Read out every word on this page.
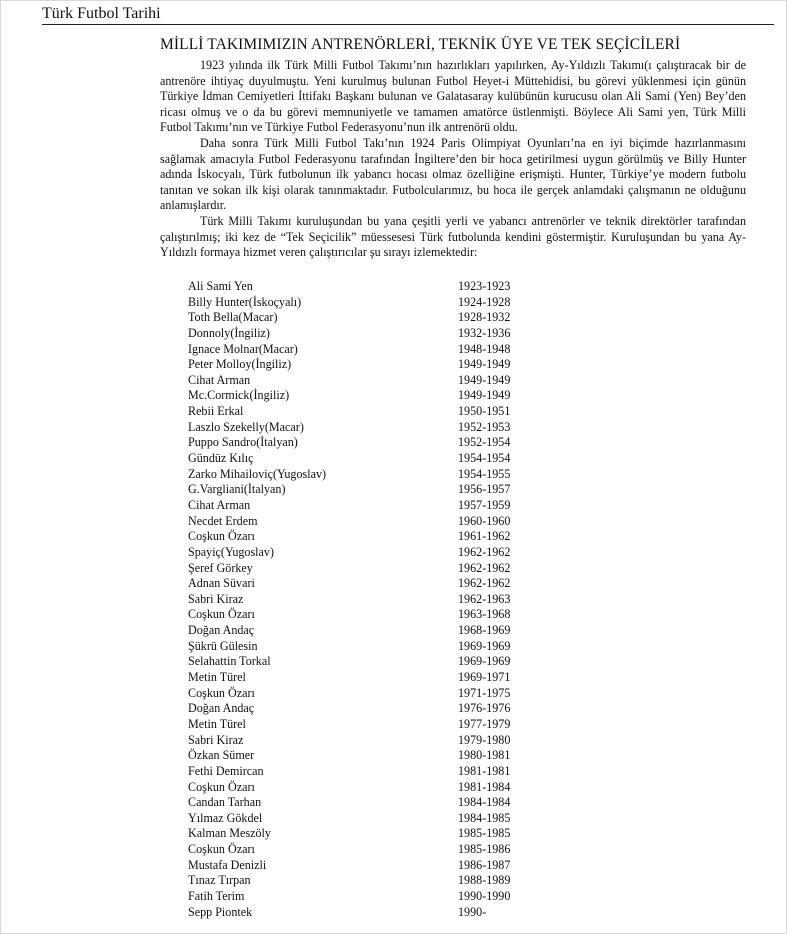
Türk Futbol Tarihi
MİLLİ TAKIMIMIZIN ANTRENÖRLERİ, TEKNİK ÜYE VE TEK SEÇİCİLERİ

1923 yılında ilk Türk Milli Futbol Takımı’nın hazırlıkları yapılırken, Ay-Yıldızlı Takımı(ı çalıştıracak bir de antrenöre ihtiyaç duyulmuştu. Yeni kurulmuş bulunan Futbol Heyet-i Müttehidisi, bu görevi yüklenmesi için günün Türkiye İdman Cemiyetleri İttifakı Başkanı bulunan ve Galatasaray kulübünün kurucusu olan Ali Sami (Yen) Bey’den ricası olmuş ve o da bu görevi memnuniyetle ve tamamen amatörce üstlenmişti. Böylece Ali Sami yen, Türk Milli Futbol Takımı’nın ve Türkiye Futbol Federasyonu’nun ilk antrenörü oldu.

Daha sonra Türk Milli Futbol Takı’nın 1924 Paris Olimpiyat Oyunları’na en iyi biçimde hazırlanmasını sağlamak amacıyla Futbol Federasyonu tarafından İngiltere’den bir hoca getirilmesi uygun görülmüş ve Billy Hunter adında İskocyalı, Türk futbolunun ilk yabancı hocası olmaz özelliğine erişmişti. Hunter, Türkiye’ye modern futbolu tanıtan ve sokan ilk kişi olarak tanınmaktadır. Futbolcularımız, bu hoca ile gerçek anlamdaki çalışmanın ne olduğunu anlamışlardır.

Türk Milli Takımı kuruluşundan bu yana çeşitli yerli ve yabancı antrenörler ve teknik direktörler tarafından çalıştırılmış; iki kez de “Tek Seçicilik” müessesesi Türk futbolunda kendini göstermiştir. Kuruluşundan bu yana Ay-Yıldızlı formaya hizmet veren çalıştırıcılar şu sırayı izlemektedir:

Ali Sami Yen	1923-1923
Billy Hunter(İskoçyalı)	1924-1928
Toth Bella(Macar)	1928-1932
Donnoly(İngiliz)	1932-1936
Ignace Molnar(Macar)	1948-1948
Peter Molloy(İngiliz)	1949-1949
Cihat Arman	1949-1949
Mc.Cormick(İngiliz)	1949-1949
Rebii Erkal	1950-1951
Laszlo Szekelly(Macar)	1952-1953
Puppo Sandro(İtalyan)	1952-1954
Gündüz Kılıç	1954-1954
Zarko Mihailoviç(Yugoslav)	1954-1955
G.Vargliani(İtalyan)	1956-1957
Cihat Arman	1957-1959
Necdet Erdem	1960-1960
Coşkun Özarı	1961-1962
Spayiç(Yugoslav)	1962-1962
Şeref Görkey	1962-1962
Adnan Süvari	1962-1962
Sabri Kiraz	1962-1963
Coşkun Özarı	1963-1968
Doğan Andaç	1968-1969
Şükrü Gülesin	1969-1969
Selahattin Torkal	1969-1969
Metin Türel	1969-1971
Coşkun Özarı	1971-1975
Doğan Andaç	1976-1976
Metin Türel	1977-1979
Sabri Kiraz	1979-1980
Özkan Sümer	1980-1981
Fethi Demircan	1981-1981
Coşkun Özarı	1981-1984
Candan Tarhan	1984-1984
Yılmaz Gökdel	1984-1985
Kalman Meszöly	1985-1985
Coşkun Özarı	1985-1986
Mustafa Denizli	1986-1987
Tınaz Tırpan	1988-1989
Fatih Terim	1990-1990
Sepp Piontek	1990-
